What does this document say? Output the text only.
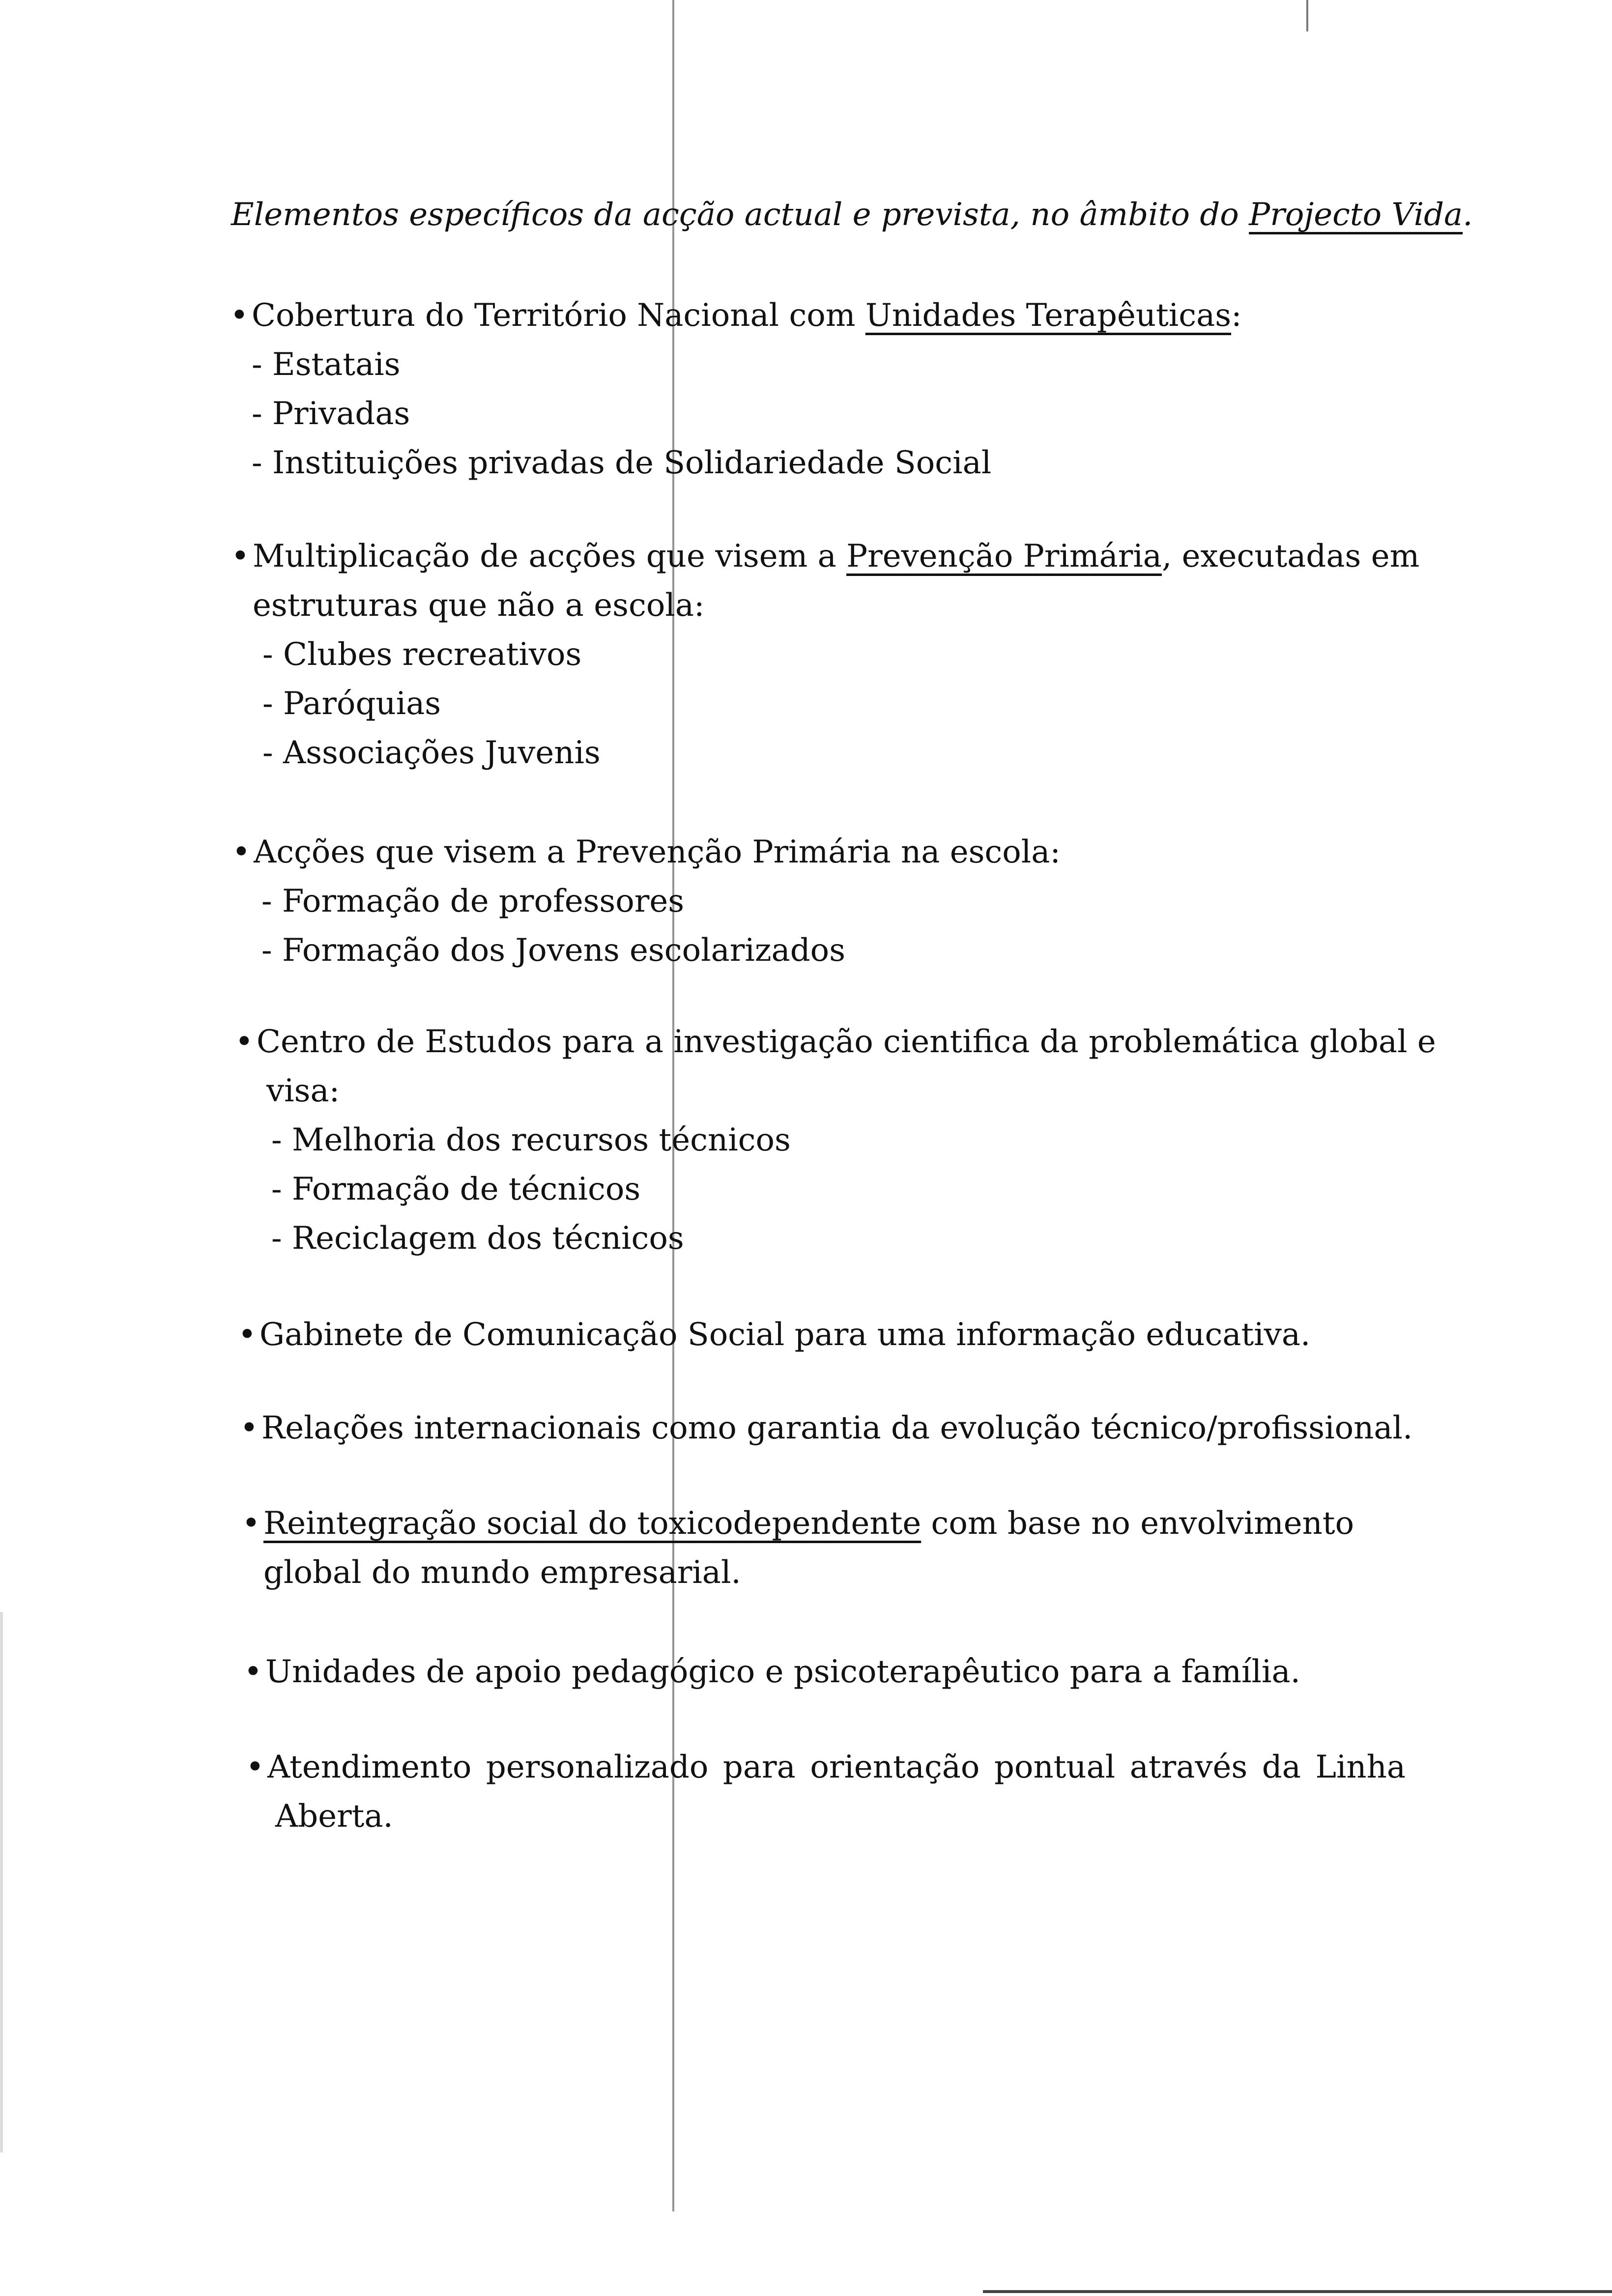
Elementos específicos da acção actual e prevista, no âmbito do Projecto Vida.
•Cobertura do Território Nacional com Unidades Terapêuticas:
- Estatais
- Privadas
- Instituições privadas de Solidariedade Social
•Multiplicação de acções que visem a Prevenção Primária, executadas em
estruturas que não a escola:
- Clubes recreativos
- Paróquias
- Associações Juvenis
•Acções que visem a Prevenção Primária na escola:
- Formação de professores
- Formação dos Jovens escolarizados
•Centro de Estudos para a investigação cientifica da problemática global e
visa:
- Melhoria dos recursos técnicos
- Formação de técnicos
- Reciclagem dos técnicos
•Gabinete de Comunicação Social para uma informação educativa.
•Relações internacionais como garantia da evolução técnico/profissional.
•Reintegração social do toxicodependente com base no envolvimento
global do mundo empresarial.
•Unidades de apoio pedagógico e psicoterapêutico para a família.
•Atendimento personalizado para orientação pontual através da Linha
Aberta.
